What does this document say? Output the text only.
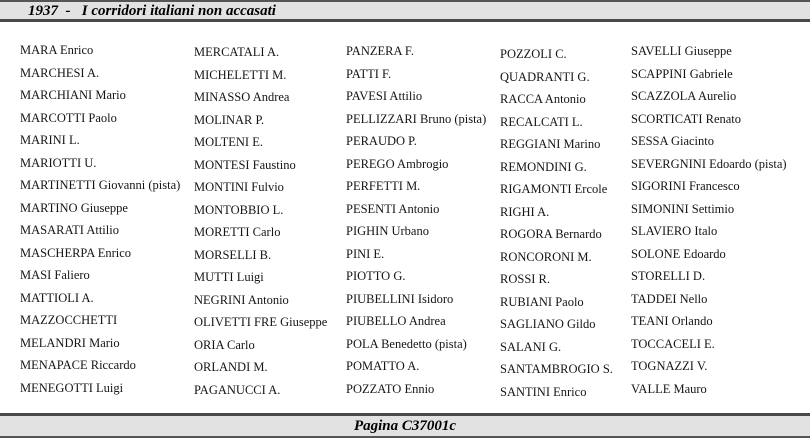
1937  -   I corridori italiani non accasati
MARA Enrico
MARCHESI A.
MARCHIANI Mario
MARCOTTI Paolo
MARINI L.
MARIOTTI U.
MARTINETTI Giovanni (pista)
MARTINO Giuseppe
MASARATI Attilio
MASCHERPA Enrico
MASI Faliero
MATTIOLI A.
MAZZOCCHETTI
MELANDRI Mario
MENAPACE Riccardo
MENEGOTTI Luigi
MERCATALI A.
MICHELETTI M.
MINASSO Andrea
MOLINAR P.
MOLTENI E.
MONTESI Faustino
MONTINI Fulvio
MONTOBBIO L.
MORETTI Carlo
MORSELLI B.
MUTTI Luigi
NEGRINI Antonio
OLIVETTI FRE Giuseppe
ORIA Carlo
ORLANDI M.
PAGANUCCI A.
PANZERA F.
PATTI F.
PAVESI Attilio
PELLIZZARI Bruno (pista)
PERAUDO P.
PEREGO Ambrogio
PERFETTI M.
PESENTI Antonio
PIGHIN Urbano
PINI E.
PIOTTO G.
PIUBELLINI Isidoro
PIUBELLO Andrea
POLA Benedetto (pista)
POMATTO A.
POZZATO Ennio
POZZOLI C.
QUADRANTI G.
RACCA Antonio
RECALCATI L.
REGGIANI Marino
REMONDINI G.
RIGAMONTI Ercole
RIGHI A.
ROGORA Bernardo
RONCORONI M.
ROSSI R.
RUBIANI Paolo
SAGLIANO Gildo
SALANI G.
SANTAMBROGIO S.
SANTINI Enrico
SAVELLI Giuseppe
SCAPPINI Gabriele
SCAZZOLA Aurelio
SCORTICATI Renato
SESSA Giacinto
SEVERGNINI Edoardo (pista)
SIGORINI Francesco
SIMONINI Settimio
SLAVIERO Italo
SOLONE Edoardo
STORELLI D.
TADDEI Nello
TEANI Orlando
TOCCACELI E.
TOGNAZZI V.
VALLE Mauro
Pagina C37001c
